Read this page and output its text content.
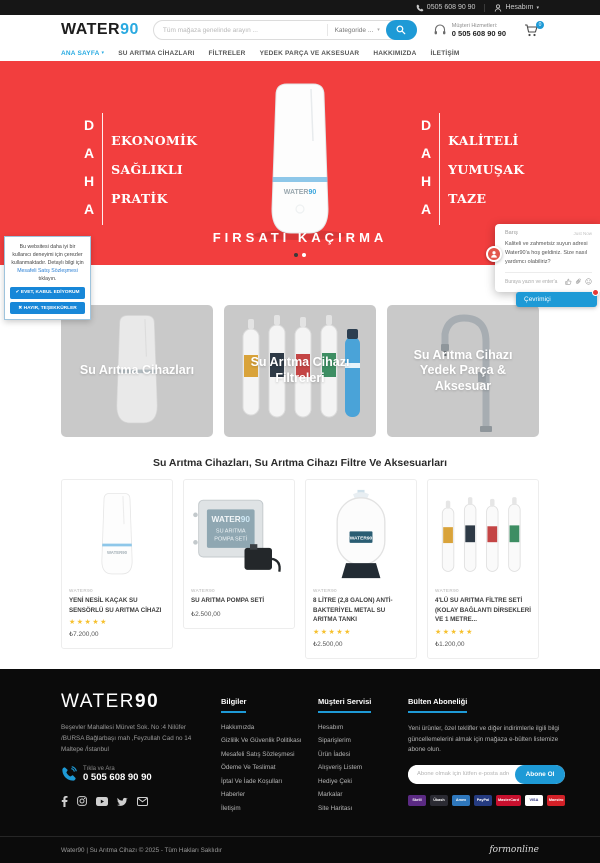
0505 608 90 90	Hesabım ▾
WATER90
Tüm mağaza genelinde arayın ...	Kategoride ... ▾
Müşteri Hizmetleri:
0 505 608 90 90
0
ANA SAYFA ▾ SU ARITMA CİHAZLARI FİLTRELER YEDEK PARÇA VE AKSESUAR HAKKIMIZDA İLETİŞİM
D
A
H
A
EKONOMİK
SAĞLIKLI
PRATİK	WATER90
D
A
H
A
KALİTELİ
YUMUŞAK
TAZE
FIRSATI KAÇIRMA

Bu websitesi daha iyi bir kullanıcı deneyimi için çerezler kullanmaktadır. Detaylı bilgi için Mesafeli Satış Sözleşmesi tıklayın.

✔ EVET, KABUL EDİYORUM
✖ HAYIR, TEŞEKKÜRLER
Barış	Just Now
Kaliteli ve zahmetsiz suyun adresi Water90'a hoş geldiniz. Size nasıl yardımcı olabiliriz?
Buraya yazın ve enter'a
Çevrimiçi
Su Arıtma Cihazları
Su Arıtma Cihazı Filtreleri
Su Arıtma Cihazı Yedek Parça & Aksesuar
Su Arıtma Cihazları, Su Arıtma Cihazı Filtre Ve Aksesuarları
WATER90
WATER90
YENİ NESİL KAÇAK SU SENSÖRLÜ SU ARITMA CİHAZI
★★★★★
₺7.200,00
WATER90
SU ARITMA
POMPA SETİ
WATER90
SU ARITMA POMPA SETİ
₺2.500,00
WATER90
WATER90
8 LİTRE (2,8 GALON) ANTİ-BAKTERİYEL METAL SU ARITMA TANKI
★★★★★
₺2.500,00
WATER90
4'LÜ SU ARITMA FİLTRE SETİ (KOLAY BAĞLANTI DİRSEKLERİ VE 1 METRE...
★★★★★
₺1.200,00
WATER90
Beşevler Mahallesi Mürvet Sok. No :4 Nilüfer /BURSA Bağlarbaşı mah ,Feyzullah Cad no 14 Maltepe /İstanbul
Tıkla ve Ara
0 505 608 90 90
Bilgiler
Hakkımızda
Gizlilik Ve Güvenlik Politikası
Mesafeli Satış Sözleşmesi
Ödeme Ve Teslimat
İptal Ve İade Koşulları
Haberler
İletişim
Müşteri Servisi
Hesabım
Siparişlerim
Ürün İadesi
Alışveriş Listem
Hediye Çeki
Markalar
Site Haritası
Bülten Aboneliği
Yeni ürünler, özel teklifler ve diğer indirimlerle ilgili bilgi güncellemelerini almak için mağaza e-bülten listemize abone olun.
Abone olmak için lütfen e-posta adresinizi gir
Abone Ol
Skrill	Ükash	Amex	PayPal	MasterCard	VISA	Maestro
Water90 | Su Arıtma Cihazı © 2025 - Tüm Hakları Saklıdır	formonline
